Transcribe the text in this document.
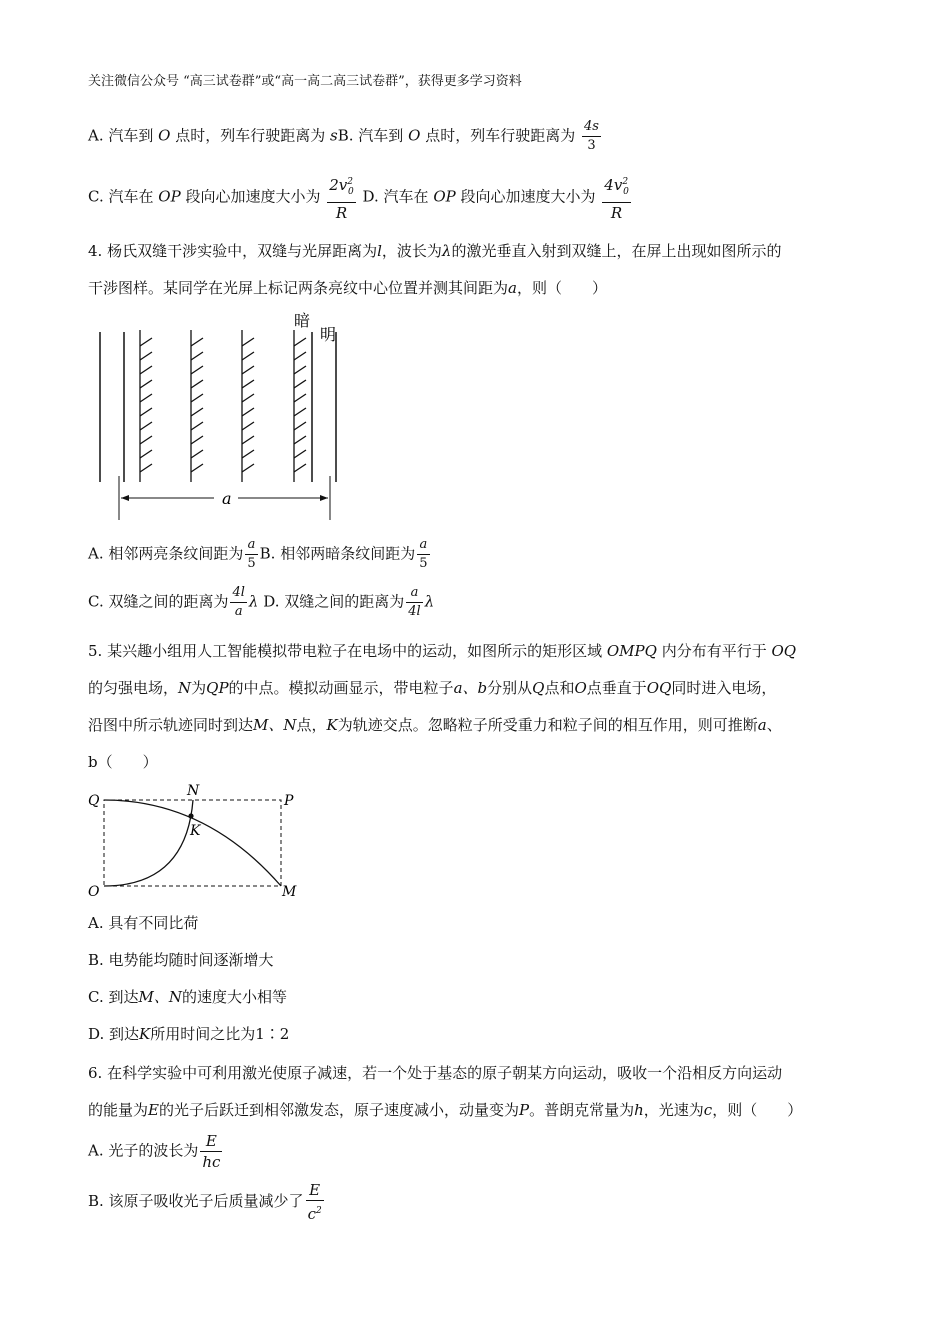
关注微信公众号 “高三试卷群”或“高一高二高三试卷群”，获得更多学习资料
A. 汽车到 O 点时，列车行驶距离为 sB. 汽车到 O 点时，列车行驶距离为 $\frac{4s}{3}$
C. 汽车在 OP 段向心加速度大小为 $\frac{2v^2_0}{R} D$. 汽车在 OP 段向心加速度大小为 $\frac{4v^2_0}{R}$
4. 杨氏双缝干涉实验中，双缝与光屏距离为l，波长为λ的激光垂直入射到双缝上，在屏上出现如图所示的
干涉图样。某同学在光屏上标记两条亮纹中心位置并测其间距为a，则（　　）
暗
明
a
A. 相邻两亮条纹间距为 $\frac{a}{5} B$. 相邻两暗条纹间距为 $\frac{a}{5}$
C. 双缝之间的距离为 $\frac{4l}{a}$ λ D. 双缝之间的距离为 $\frac{a}{4l}$ λ
5. 某兴趣小组用人工智能模拟带电粒子在电场中的运动，如图所示的矩形区域 OMPQ 内分布有平行于 OQ
的匀强电场，N为QP的中点。模拟动画显示，带电粒子a、b分别从Q点和O点垂直于OQ同时进入电场，
沿图中所示轨迹同时到达M、N点，K为轨迹交点。忽略粒子所受重力和粒子间的相互作用，则可推断a、
b（　　）
Q
N
P
K
O	M
A. 具有不同比荷
B. 电势能均随时间逐渐增大
C. 到达M、N的速度大小相等
D. 到达K所用时间之比为1∶2
6. 在科学实验中可利用激光使原子减速，若一个处于基态的原子朝某方向运动，吸收一个沿相反方向运动
的能量为E的光子后跃迁到相邻激发态，原子速度减小，动量变为P。普朗克常量为h，光速为c，则（　　）
A. 光子的波长为 $\frac{E}{hc}$
B. 该原子吸收光子后质量减少了 $\frac{E}{c^2}$
